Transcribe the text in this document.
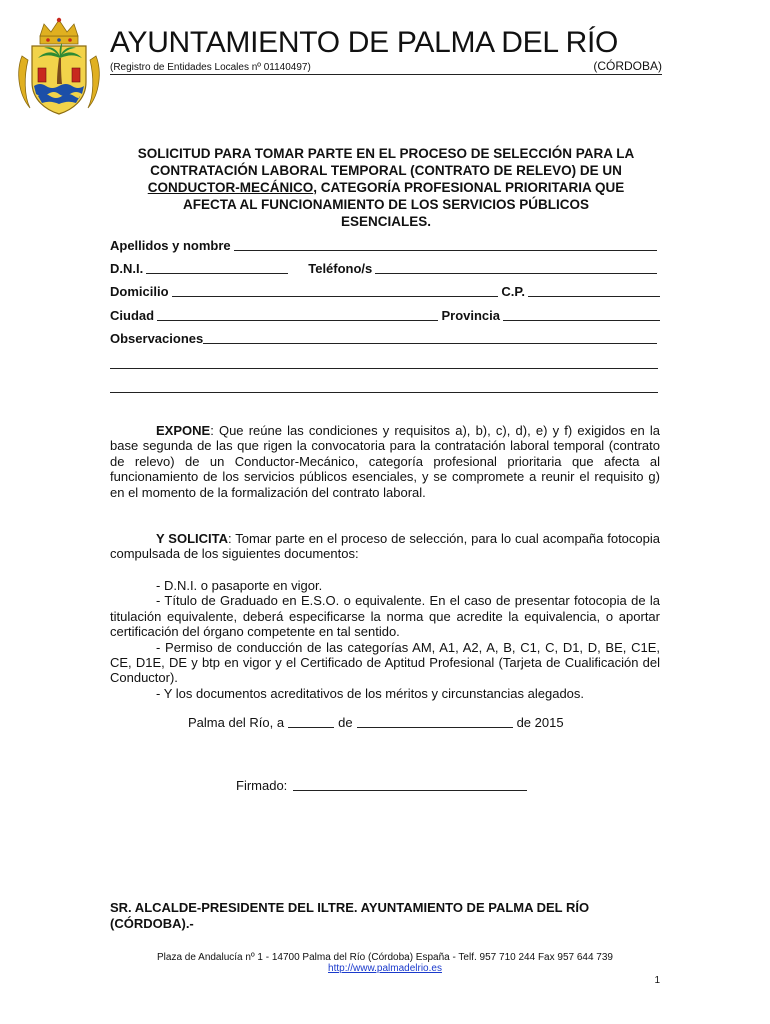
AYUNTAMIENTO DE PALMA DEL RÍO
(Registro de Entidades Locales nº 01140497)	(CÓRDOBA)
SOLICITUD PARA TOMAR PARTE EN EL PROCESO DE SELECCIÓN PARA LA
CONTRATACIÓN LABORAL TEMPORAL (CONTRATO DE RELEVO) DE UN
CONDUCTOR-MECÁNICO, CATEGORÍA PROFESIONAL PRIORITARIA QUE
AFECTA AL FUNCIONAMIENTO DE LOS SERVICIOS PÚBLICOS
ESENCIALES.
Apellidos y nombre
D.N.I.	Teléfono/s
Domicilio	C.P.
Ciudad	Provincia
Observaciones
EXPONE: Que reúne las condiciones y requisitos a), b), c), d), e) y f) exigidos en la base segunda de las que rigen la convocatoria para la contratación laboral temporal (contrato de relevo) de un Conductor-Mecánico, categoría profesional prioritaria que afecta al funcionamiento de los servicios públicos esenciales, y se compromete a reunir el requisito g) en el momento de la formalización del contrato laboral.
Y SOLICITA: Tomar parte en el proceso de selección, para lo cual acompaña fotocopia compulsada de los siguientes documentos:
- D.N.I. o pasaporte en vigor.
- Título de Graduado en E.S.O. o equivalente. En el caso de presentar fotocopia de la titulación equivalente, deberá especificarse la norma que acredite la equivalencia, o aportar certificación del órgano competente en tal sentido.
- Permiso de conducción de las categorías AM, A1, A2, A, B, C1, C, D1, D, BE, C1E, CE, D1E, DE y btp en vigor y el Certificado de Aptitud Profesional (Tarjeta de Cualificación del Conductor).
- Y los documentos acreditativos de los méritos y circunstancias alegados.
Palma del Río, a	de	de 2015
Firmado:
SR. ALCALDE-PRESIDENTE DEL ILTRE. AYUNTAMIENTO DE PALMA DEL RÍO
(CÓRDOBA).-
Plaza de Andalucía nº 1 - 14700 Palma del Río (Córdoba) España - Telf. 957 710 244 Fax 957 644 739
http://www.palmadelrio.es
1
